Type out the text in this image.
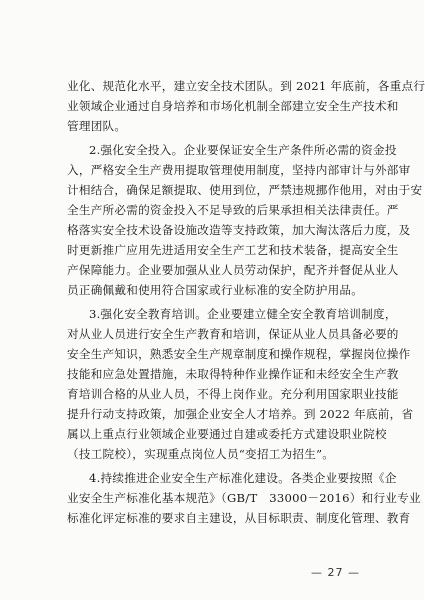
业化、规范化水平，建立安全技术团队。到 2021 年底前，各重点行
业领域企业通过自身培养和市场化机制全部建立安全生产技术和
管理团队。

2.强化安全投入。企业要保证安全生产条件所必需的资金投
入，严格安全生产费用提取管理使用制度，坚持内部审计与外部审
计相结合，确保足额提取、使用到位，严禁违规挪作他用，对由于安
全生产所必需的资金投入不足导致的后果承担相关法律责任。严
格落实安全技术设备设施改造等支持政策，加大淘汰落后力度，及
时更新推广应用先进适用安全生产工艺和技术装备，提高安全生
产保障能力。企业要加强从业人员劳动保护，配齐并督促从业人
员正确佩戴和使用符合国家或行业标准的安全防护用品。

3.强化安全教育培训。企业要建立健全安全教育培训制度，
对从业人员进行安全生产教育和培训，保证从业人员具备必要的
安全生产知识，熟悉安全生产规章制度和操作规程，掌握岗位操作
技能和应急处置措施，未取得特种作业操作证和未经安全生产教
育培训合格的从业人员，不得上岗作业。充分利用国家职业技能
提升行动支持政策，加强企业安全人才培养。到 2022 年底前，省
属以上重点行业领域企业要通过自建或委托方式建设职业院校
（技工院校），实现重点岗位人员“变招工为招生”。

4.持续推进企业安全生产标准化建设。各类企业要按照《企
业安全生产标准化基本规范》（GB/T　33000－2016）和行业专业
标准化评定标准的要求自主建设，从目标职责、制度化管理、教育

— 27 —
